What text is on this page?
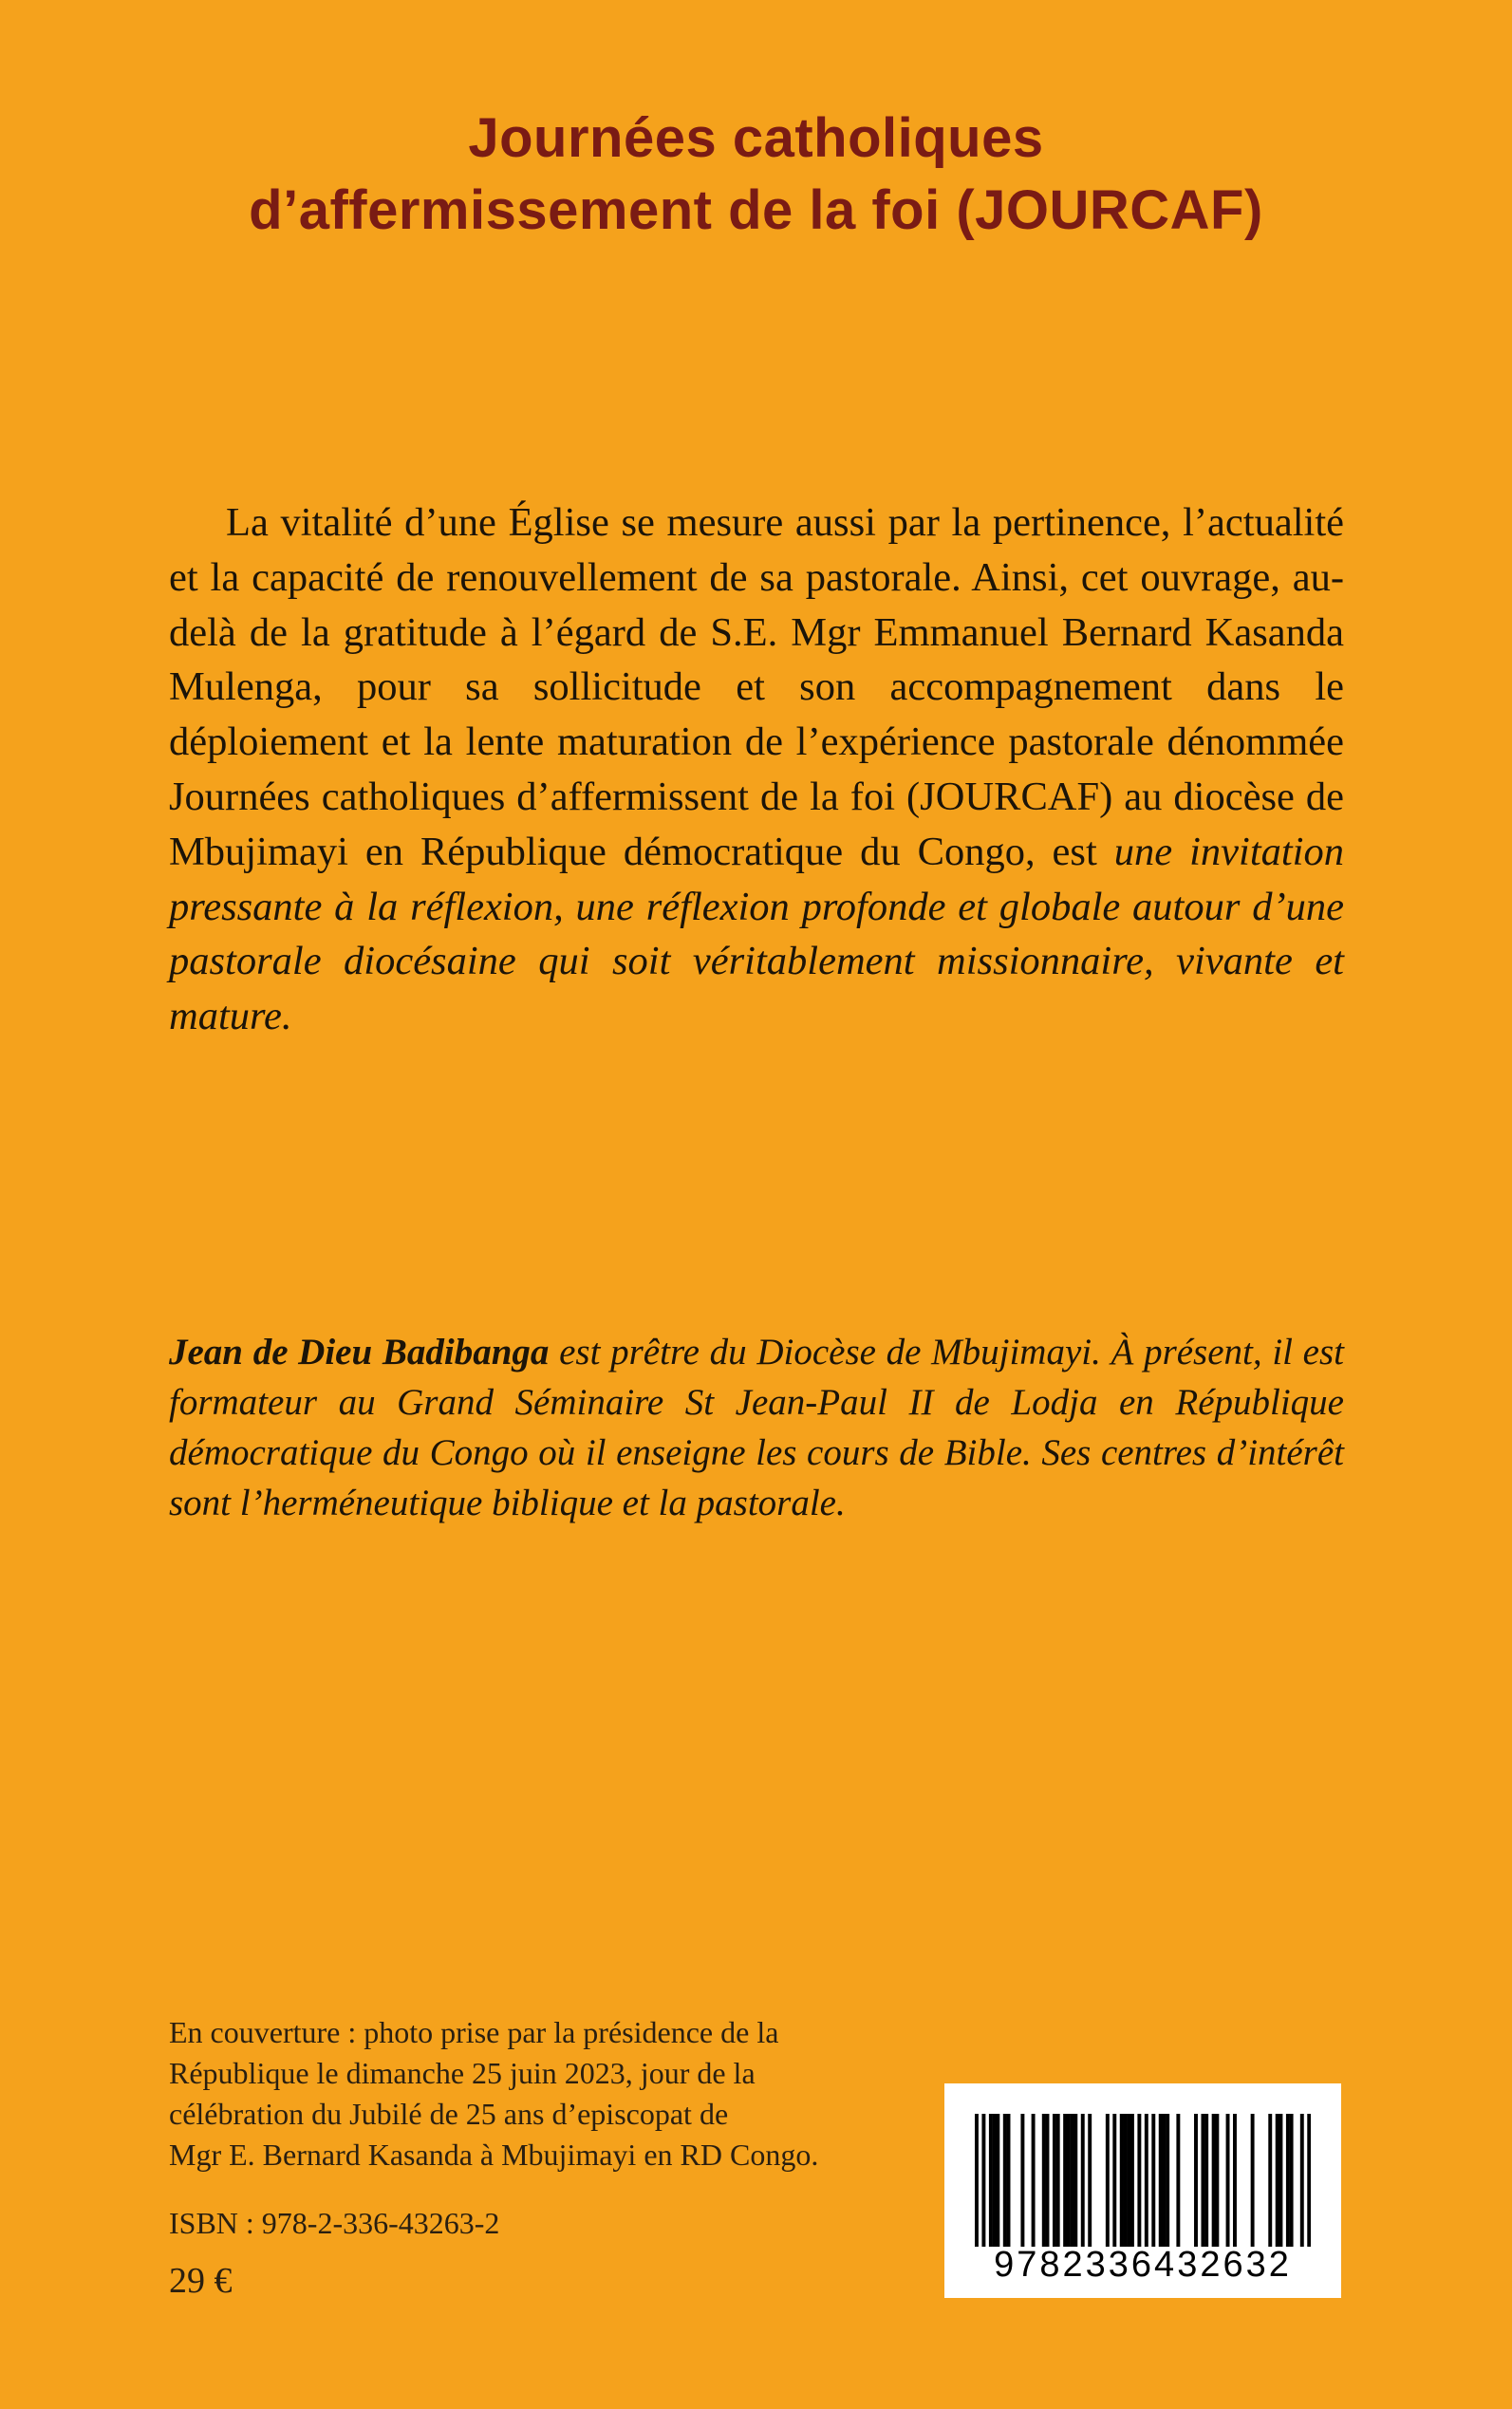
Journées catholiques
d’affermissement de la foi (JOURCAF)

La vitalité d’une Église se mesure aussi par la pertinence, l’actualité et la capacité de renouvellement de sa pastorale. Ainsi, cet ouvrage, au-delà de la gratitude à l’égard de S.E. Mgr Emmanuel Bernard Kasanda Mulenga, pour sa sollicitude et son accompagnement dans le déploiement et la lente maturation de l’expérience pastorale dénommée Journées catholiques d’affermissent de la foi (JOURCAF) au diocèse de Mbujimayi en République démocratique du Congo, est une invitation pressante à la réflexion, une réflexion profonde et globale autour d’une pastorale diocésaine qui soit véritablement missionnaire, vivante et mature.

Jean de Dieu Badibanga est prêtre du Diocèse de Mbujimayi. À présent, il est formateur au Grand Séminaire St Jean-Paul II de Lodja en République démocratique du Congo où il enseigne les cours de Bible. Ses centres d’intérêt sont l’herméneutique biblique et la pastorale.

En couverture : photo prise par la présidence de la
République le dimanche 25 juin 2023, jour de la
célébration du Jubilé de 25 ans d’episcopat de
Mgr E. Bernard Kasanda à Mbujimayi en RD Congo.
ISBN : 978-2-336-43263-2
29 €	9782336432632
